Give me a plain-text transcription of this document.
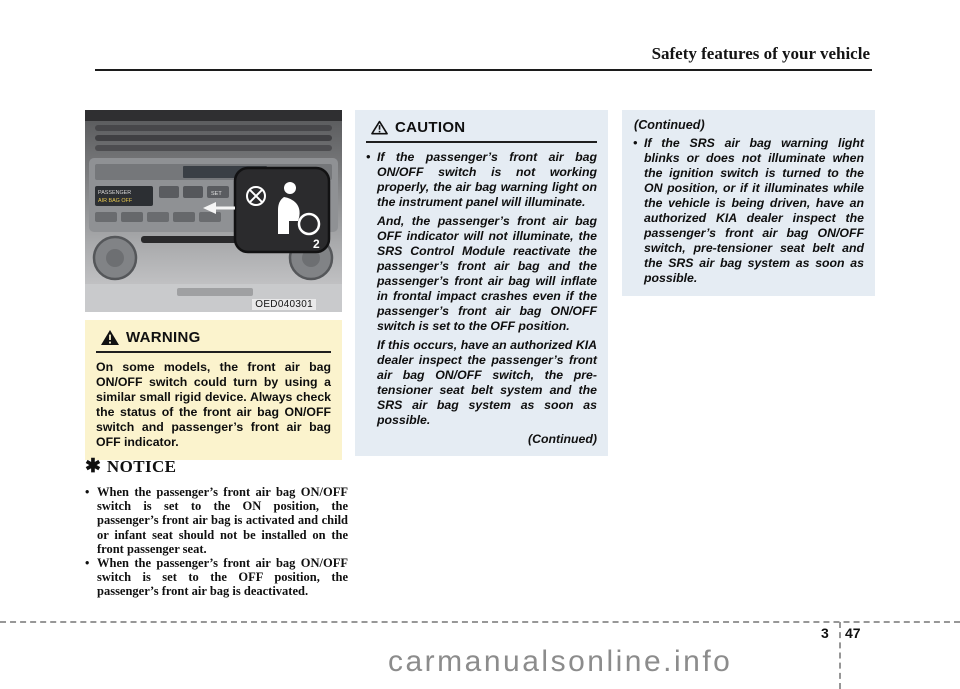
Safety features of your vehicle
PASSENGER
AIR BAG OFF
SET
2
OED040301
WARNING

On some models, the front air bag ON/OFF switch could turn by using a similar small rigid device. Always check the status of the front air bag ON/OFF switch and passenger’s front air bag OFF indicator.

✱ NOTICE
• When the passenger’s front air bag ON/OFF switch is set to the ON position, the passenger’s front air bag is activated and child or infant seat should not be installed on the front passenger seat.

• When the passenger’s front air bag ON/OFF switch is set to the OFF position, the passenger’s front air bag is deactivated.

CAUTION
• If the passenger’s front air bag ON/OFF switch is not working properly, the air bag warning light on the instrument panel will illuminate.

And, the passenger’s front air bag OFF indicator will not illuminate, the SRS Control Module reactivate the passenger’s front air bag and the passenger’s front air bag will inflate in frontal impact crashes even if the passenger’s front air bag ON/OFF switch is set to the OFF position.

If this occurs, have an authorized KIA dealer inspect the passenger’s front air bag ON/OFF switch, the pre-tensioner seat belt system and the SRS air bag system as soon as possible.

(Continued)
(Continued)
• If the SRS air bag warning light blinks or does not illuminate when the ignition switch is turned to the ON position, or if it illuminates while the vehicle is being driven, have an authorized KIA dealer inspect the passenger’s front air bag ON/OFF switch, pre-tensioner seat belt and the SRS air bag system as soon as possible.

3 47
carmanualsonline.info
